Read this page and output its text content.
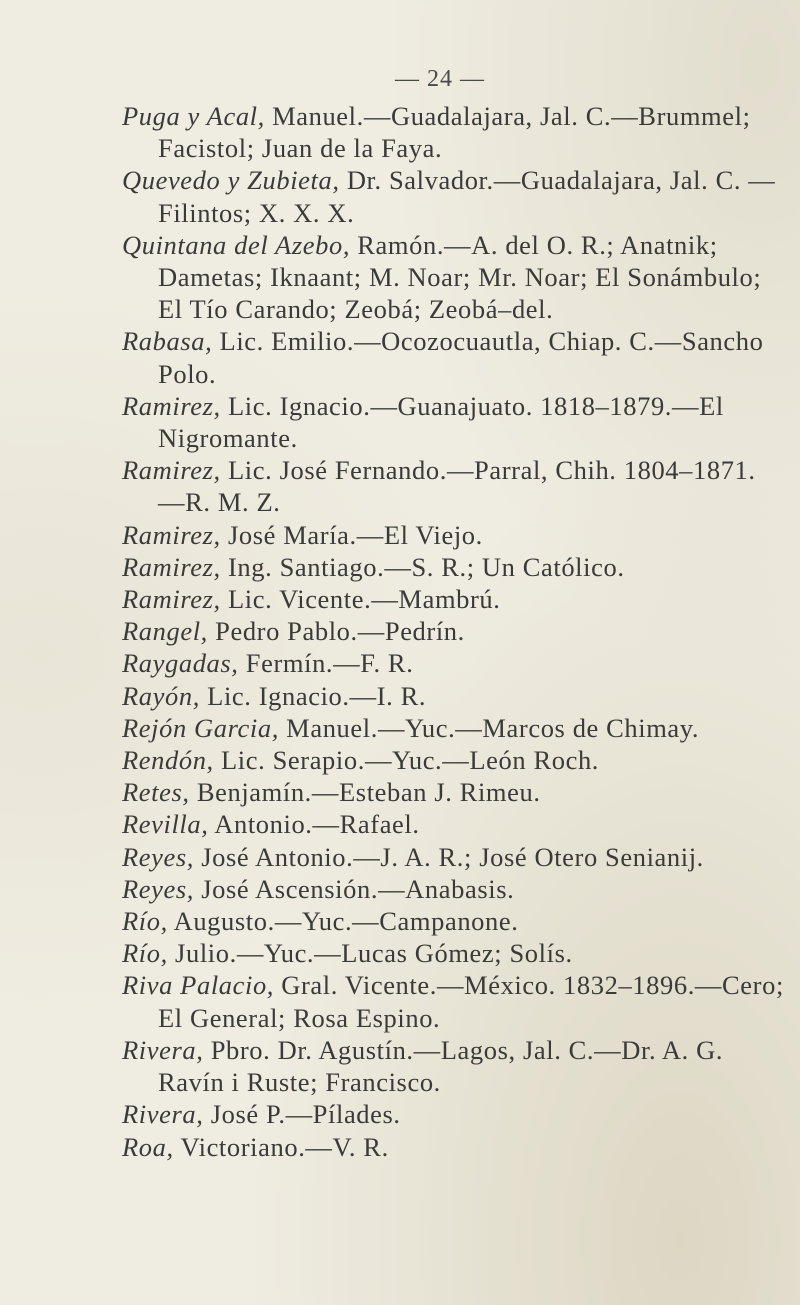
— 24 —
Puga y Acal, Manuel.—Guadalajara, Jal. C.—Brummel; Facistol; Juan de la Faya.
Quevedo y Zubieta, Dr. Salvador.—Guadalajara, Jal. C. —Filintos; X. X. X.
Quintana del Azebo, Ramón.—A. del O. R.; Anatnik; Dametas; Iknaant; M. Noar; Mr. Noar; El Sonámbulo; El Tío Carando; Zeobá; Zeobá–del.
Rabasa, Lic. Emilio.—Ocozocuautla, Chiap. C.—Sancho Polo.
Ramirez, Lic. Ignacio.—Guanajuato. 1818–1879.—El Nigromante.
Ramirez, Lic. José Fernando.—Parral, Chih. 1804–1871. —R. M. Z.
Ramirez, José María.—El Viejo.
Ramirez, Ing. Santiago.—S. R.; Un Católico.
Ramirez, Lic. Vicente.—Mambrú.
Rangel, Pedro Pablo.—Pedrín.
Raygadas, Fermín.—F. R.
Rayón, Lic. Ignacio.—I. R.
Rejón Garcia, Manuel.—Yuc.—Marcos de Chimay.
Rendón, Lic. Serapio.—Yuc.—León Roch.
Retes, Benjamín.—Esteban J. Rimeu.
Revilla, Antonio.—Rafael.
Reyes, José Antonio.—J. A. R.; José Otero Senianij.
Reyes, José Ascensión.—Anabasis.
Río, Augusto.—Yuc.—Campanone.
Río, Julio.—Yuc.—Lucas Gómez; Solís.
Riva Palacio, Gral. Vicente.—México. 1832–1896.—Cero; El General; Rosa Espino.
Rivera, Pbro. Dr. Agustín.—Lagos, Jal. C.—Dr. A. G. Ravín i Ruste; Francisco.
Rivera, José P.—Pílades.
Roa, Victoriano.—V. R.
